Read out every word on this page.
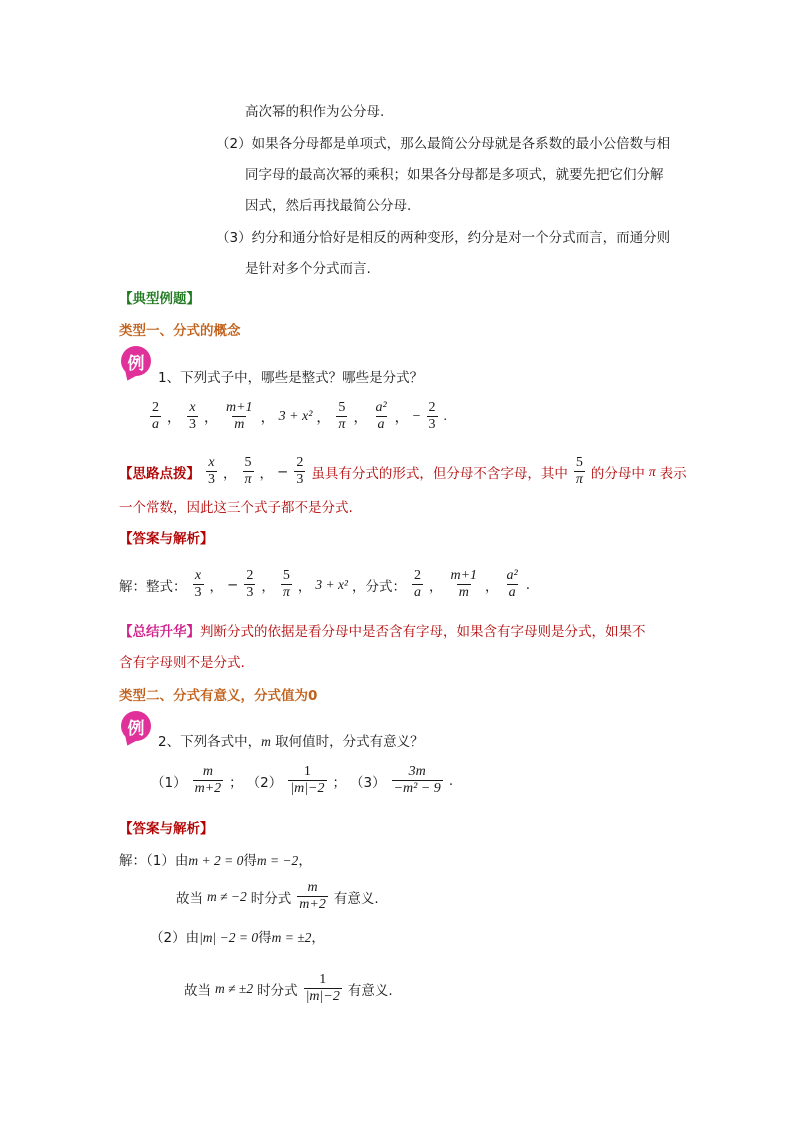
高次幂的积作为公分母.
（2）如果各分母都是单项式，那么最简公分母就是各系数的最小公倍数与相
同字母的最高次幂的乘积；如果各分母都是多项式，就要先把它们分解
因式，然后再找最简公分母.
（3）约分和通分恰好是相反的两种变形，约分是对一个分式而言，而通分则
是针对多个分式而言.
【典型例题】
类型一、分式的概念
例
1、下列式子中，哪些是整式？哪些是分式？
$\frac{2}{a}$ ， $\frac{x}{3}$ ， $\frac{m+1}{m}$ ， 3 + x² ， $\frac{5}{\pi}$ ， $\frac{\text{a²}}{a}$ ， − $\frac{2}{3}$ .
【思路点拨】 $\frac{x}{3}$ ， $\frac{5}{\pi}$ ， − $\frac{2}{3}$ 虽具有分式的形式，但分母不含字母，其中 $\frac{5}{\pi}$ 的分母中 π 表示
一个常数，因此这三个式子都不是分式.
【答案与解析】
解：整式： $\frac{x}{3}$ ， − $\frac{2}{3}$ ， $\frac{5}{\pi}$ ， 3 + x² ，分式： $\frac{2}{a}$ ， $\frac{m+1}{m}$ ， $\frac{\text{a²}}{a}$ .
【总结升华】判断分式的依据是看分母中是否含有字母，如果含有字母则是分式，如果不
含有字母则不是分式.
类型二、分式有意义，分式值为0
例
2、下列各式中，m 取何值时，分式有意义？
$(1) \frac{m}{m+2}$ ； $(2) \frac{1}{|m|-2}$ ； $(3) \frac{3m}{\text{−m² − 9}}$ .
【答案与解析】
解：（1）由m + 2 = 0得m = −2，
故当 m ≠ −2 时分式 $\frac{m}{m+2}$ 有意义.
（2）由|m| −2 = 0得m = ±2，
故当 m ≠ ±2 时分式 $\frac{1}{|m|-2}$ 有意义.
